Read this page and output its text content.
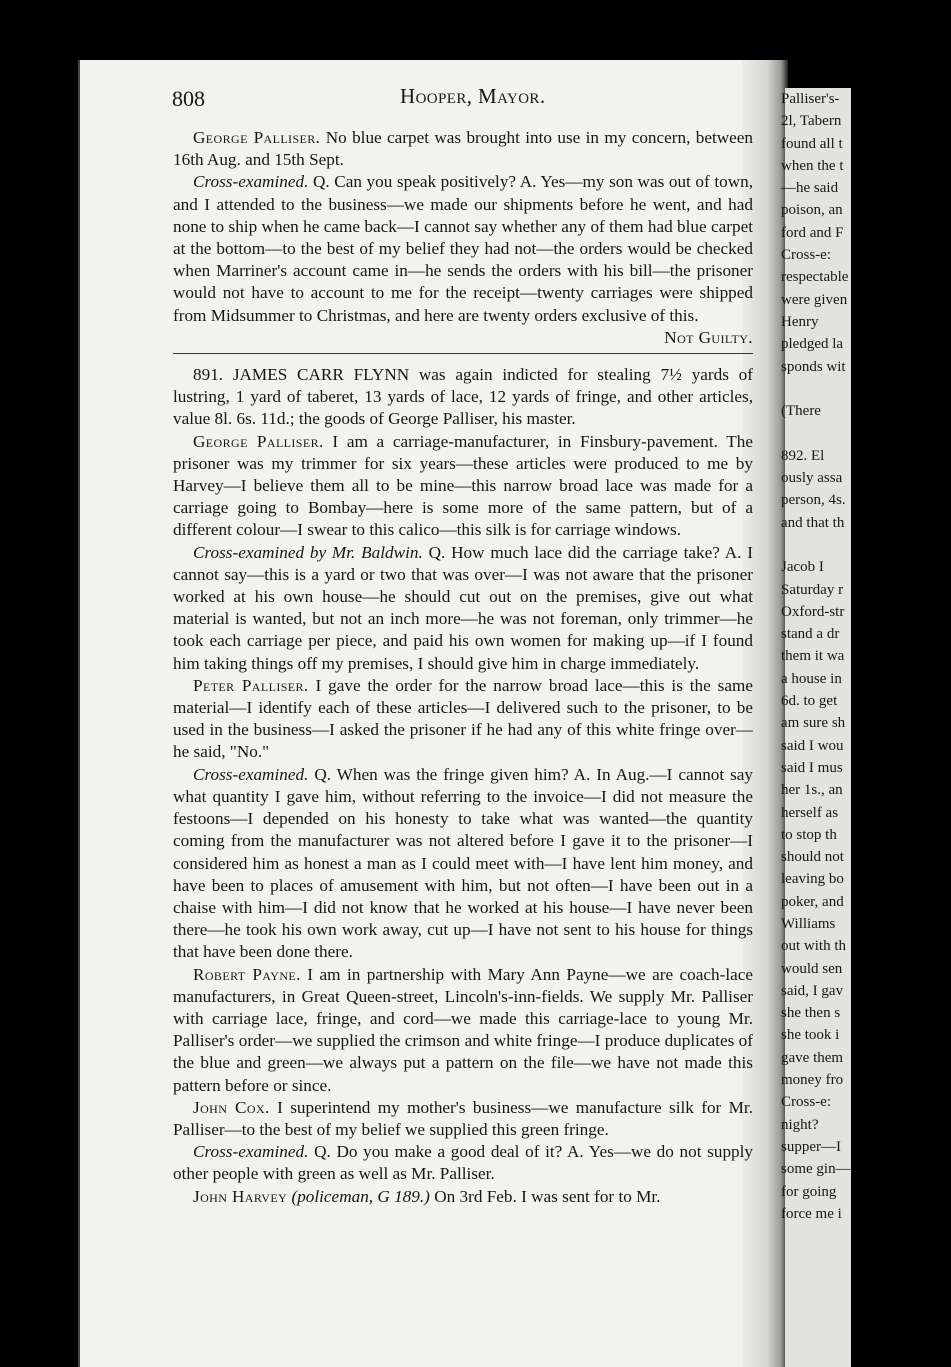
Palliser's-
2l, Tabern
found all t
when the t
—he said
poison, an
ford and F
Cross-e:
respectable
were given
Henry
pledged la
sponds wit
(There
892. El
ously assa
person, 4s.
and that th
Jacob I
Saturday r
Oxford-str
stand a dr
them it wa
a house in
6d. to get
am sure sh
said I wou
said I mus
her 1s., an
herself as
to stop th
should not
leaving bo
poker, and
Williams
out with th
would sen
said, I gav
she then s
she took i
gave them
money fro
Cross-e:
night?
supper—I
some gin—
for going
force me i
808	Hooper, Mayor.

George Palliser. No blue carpet was brought into use in my concern, between 16th Aug. and 15th Sept.

Cross-examined. Q. Can you speak positively? A. Yes—my son was out of town, and I attended to the business—we made our shipments before he went, and had none to ship when he came back—I cannot say whether any of them had blue carpet at the bottom—to the best of my belief they had not—the orders would be checked when Marriner's account came in—he sends the orders with his bill—the prisoner would not have to account to me for the receipt—twenty carriages were shipped from Midsummer to Christmas, and here are twenty orders exclusive of this.

Not Guilty.

891. JAMES CARR FLYNN was again indicted for stealing 7½ yards of lustring, 1 yard of taberet, 13 yards of lace, 12 yards of fringe, and other articles, value 8l. 6s. 11d.; the goods of George Palliser, his master.

George Palliser. I am a carriage-manufacturer, in Finsbury-pavement. The prisoner was my trimmer for six years—these articles were produced to me by Harvey—I believe them all to be mine—this narrow broad lace was made for a carriage going to Bombay—here is some more of the same pattern, but of a different colour—I swear to this calico—this silk is for carriage windows.

Cross-examined by Mr. Baldwin. Q. How much lace did the carriage take? A. I cannot say—this is a yard or two that was over—I was not aware that the prisoner worked at his own house—he should cut out on the premises, give out what material is wanted, but not an inch more—he was not foreman, only trimmer—he took each carriage per piece, and paid his own women for making up—if I found him taking things off my premises, I should give him in charge immediately.

Peter Palliser. I gave the order for the narrow broad lace—this is the same material—I identify each of these articles—I delivered such to the prisoner, to be used in the business—I asked the prisoner if he had any of this white fringe over—he said, "No."

Cross-examined. Q. When was the fringe given him? A. In Aug.—I cannot say what quantity I gave him, without referring to the invoice—I did not measure the festoons—I depended on his honesty to take what was wanted—the quantity coming from the manufacturer was not altered before I gave it to the prisoner—I considered him as honest a man as I could meet with—I have lent him money, and have been to places of amusement with him, but not often—I have been out in a chaise with him—I did not know that he worked at his house—I have never been there—he took his own work away, cut up—I have not sent to his house for things that have been done there.

Robert Payne. I am in partnership with Mary Ann Payne—we are coach-lace manufacturers, in Great Queen-street, Lincoln's-inn-fields. We supply Mr. Palliser with carriage lace, fringe, and cord—we made this carriage-lace to young Mr. Palliser's order—we supplied the crimson and white fringe—I produce duplicates of the blue and green—we always put a pattern on the file—we have not made this pattern before or since.

John Cox. I superintend my mother's business—we manufacture silk for Mr. Palliser—to the best of my belief we supplied this green fringe.

Cross-examined. Q. Do you make a good deal of it? A. Yes—we do not supply other people with green as well as Mr. Palliser.

John Harvey (policeman, G 189.) On 3rd Feb. I was sent for to Mr.
